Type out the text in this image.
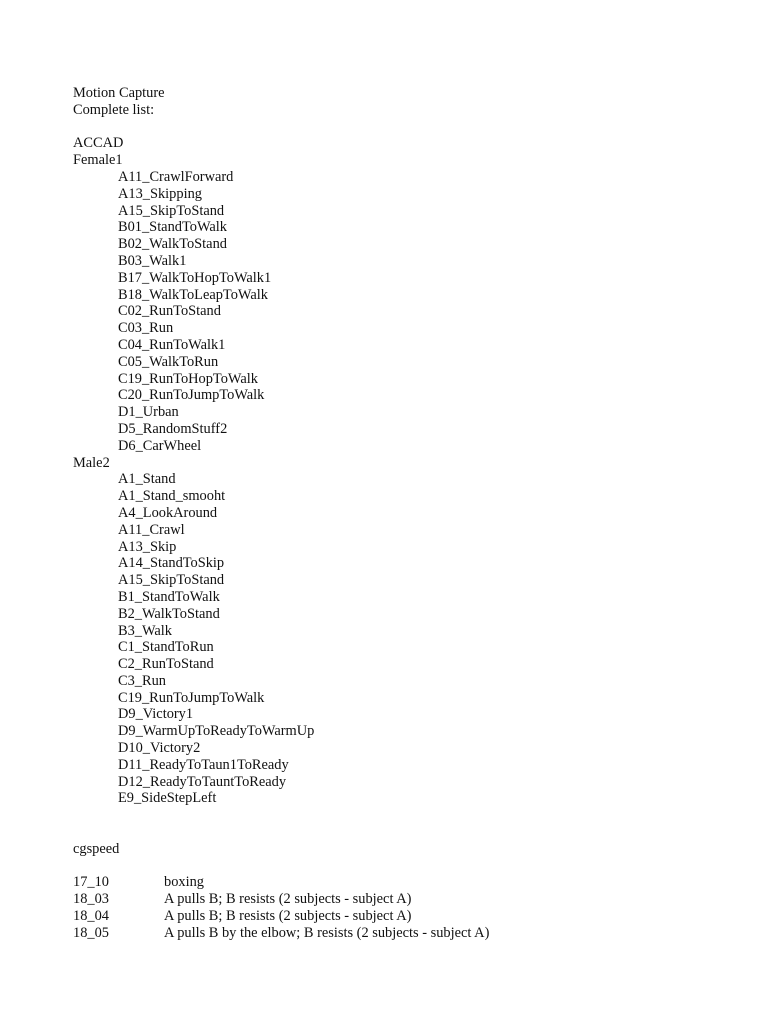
Motion Capture
Complete list:
ACCAD
Female1
A11_CrawlForward
A13_Skipping
A15_SkipToStand
B01_StandToWalk
B02_WalkToStand
B03_Walk1
B17_WalkToHopToWalk1
B18_WalkToLeapToWalk
C02_RunToStand
C03_Run
C04_RunToWalk1
C05_WalkToRun
C19_RunToHopToWalk
C20_RunToJumpToWalk
D1_Urban
D5_RandomStuff2
D6_CarWheel
Male2
A1_Stand
A1_Stand_smooht
A4_LookAround
A11_Crawl
A13_Skip
A14_StandToSkip
A15_SkipToStand
B1_StandToWalk
B2_WalkToStand
B3_Walk
C1_StandToRun
C2_RunToStand
C3_Run
C19_RunToJumpToWalk
D9_Victory1
D9_WarmUpToReadyToWarmUp
D10_Victory2
D11_ReadyToTaun1ToReady
D12_ReadyToTauntToReady
E9_SideStepLeft
cgspeed
17_10	boxing
18_03	A pulls B; B resists (2 subjects - subject A)
18_04	A pulls B; B resists (2 subjects - subject A)
18_05	A pulls B by the elbow; B resists (2 subjects - subject A)
